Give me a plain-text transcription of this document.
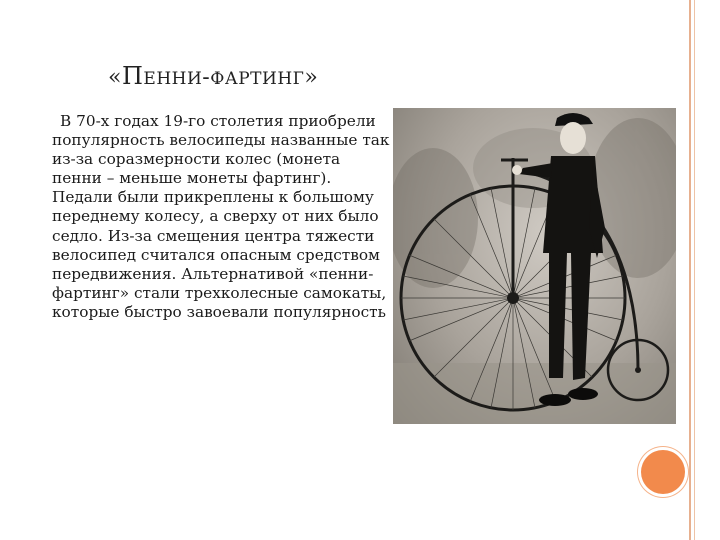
«ПЕННИ-ФАРТИНГ»

В 70-х годах 19-го столетия приобрели популярность велосипеды названные так из-за соразмерности колес (монета пенни – меньше монеты фартинг). Педали были прикреплены к большому переднему колесу, а сверху от них было седло. Из-за смещения центра тяжести велосипед считался опасным средством передвижения. Альтернативой «пенни-фартинг» стали трехколесные самокаты, которые быстро завоевали популярность
